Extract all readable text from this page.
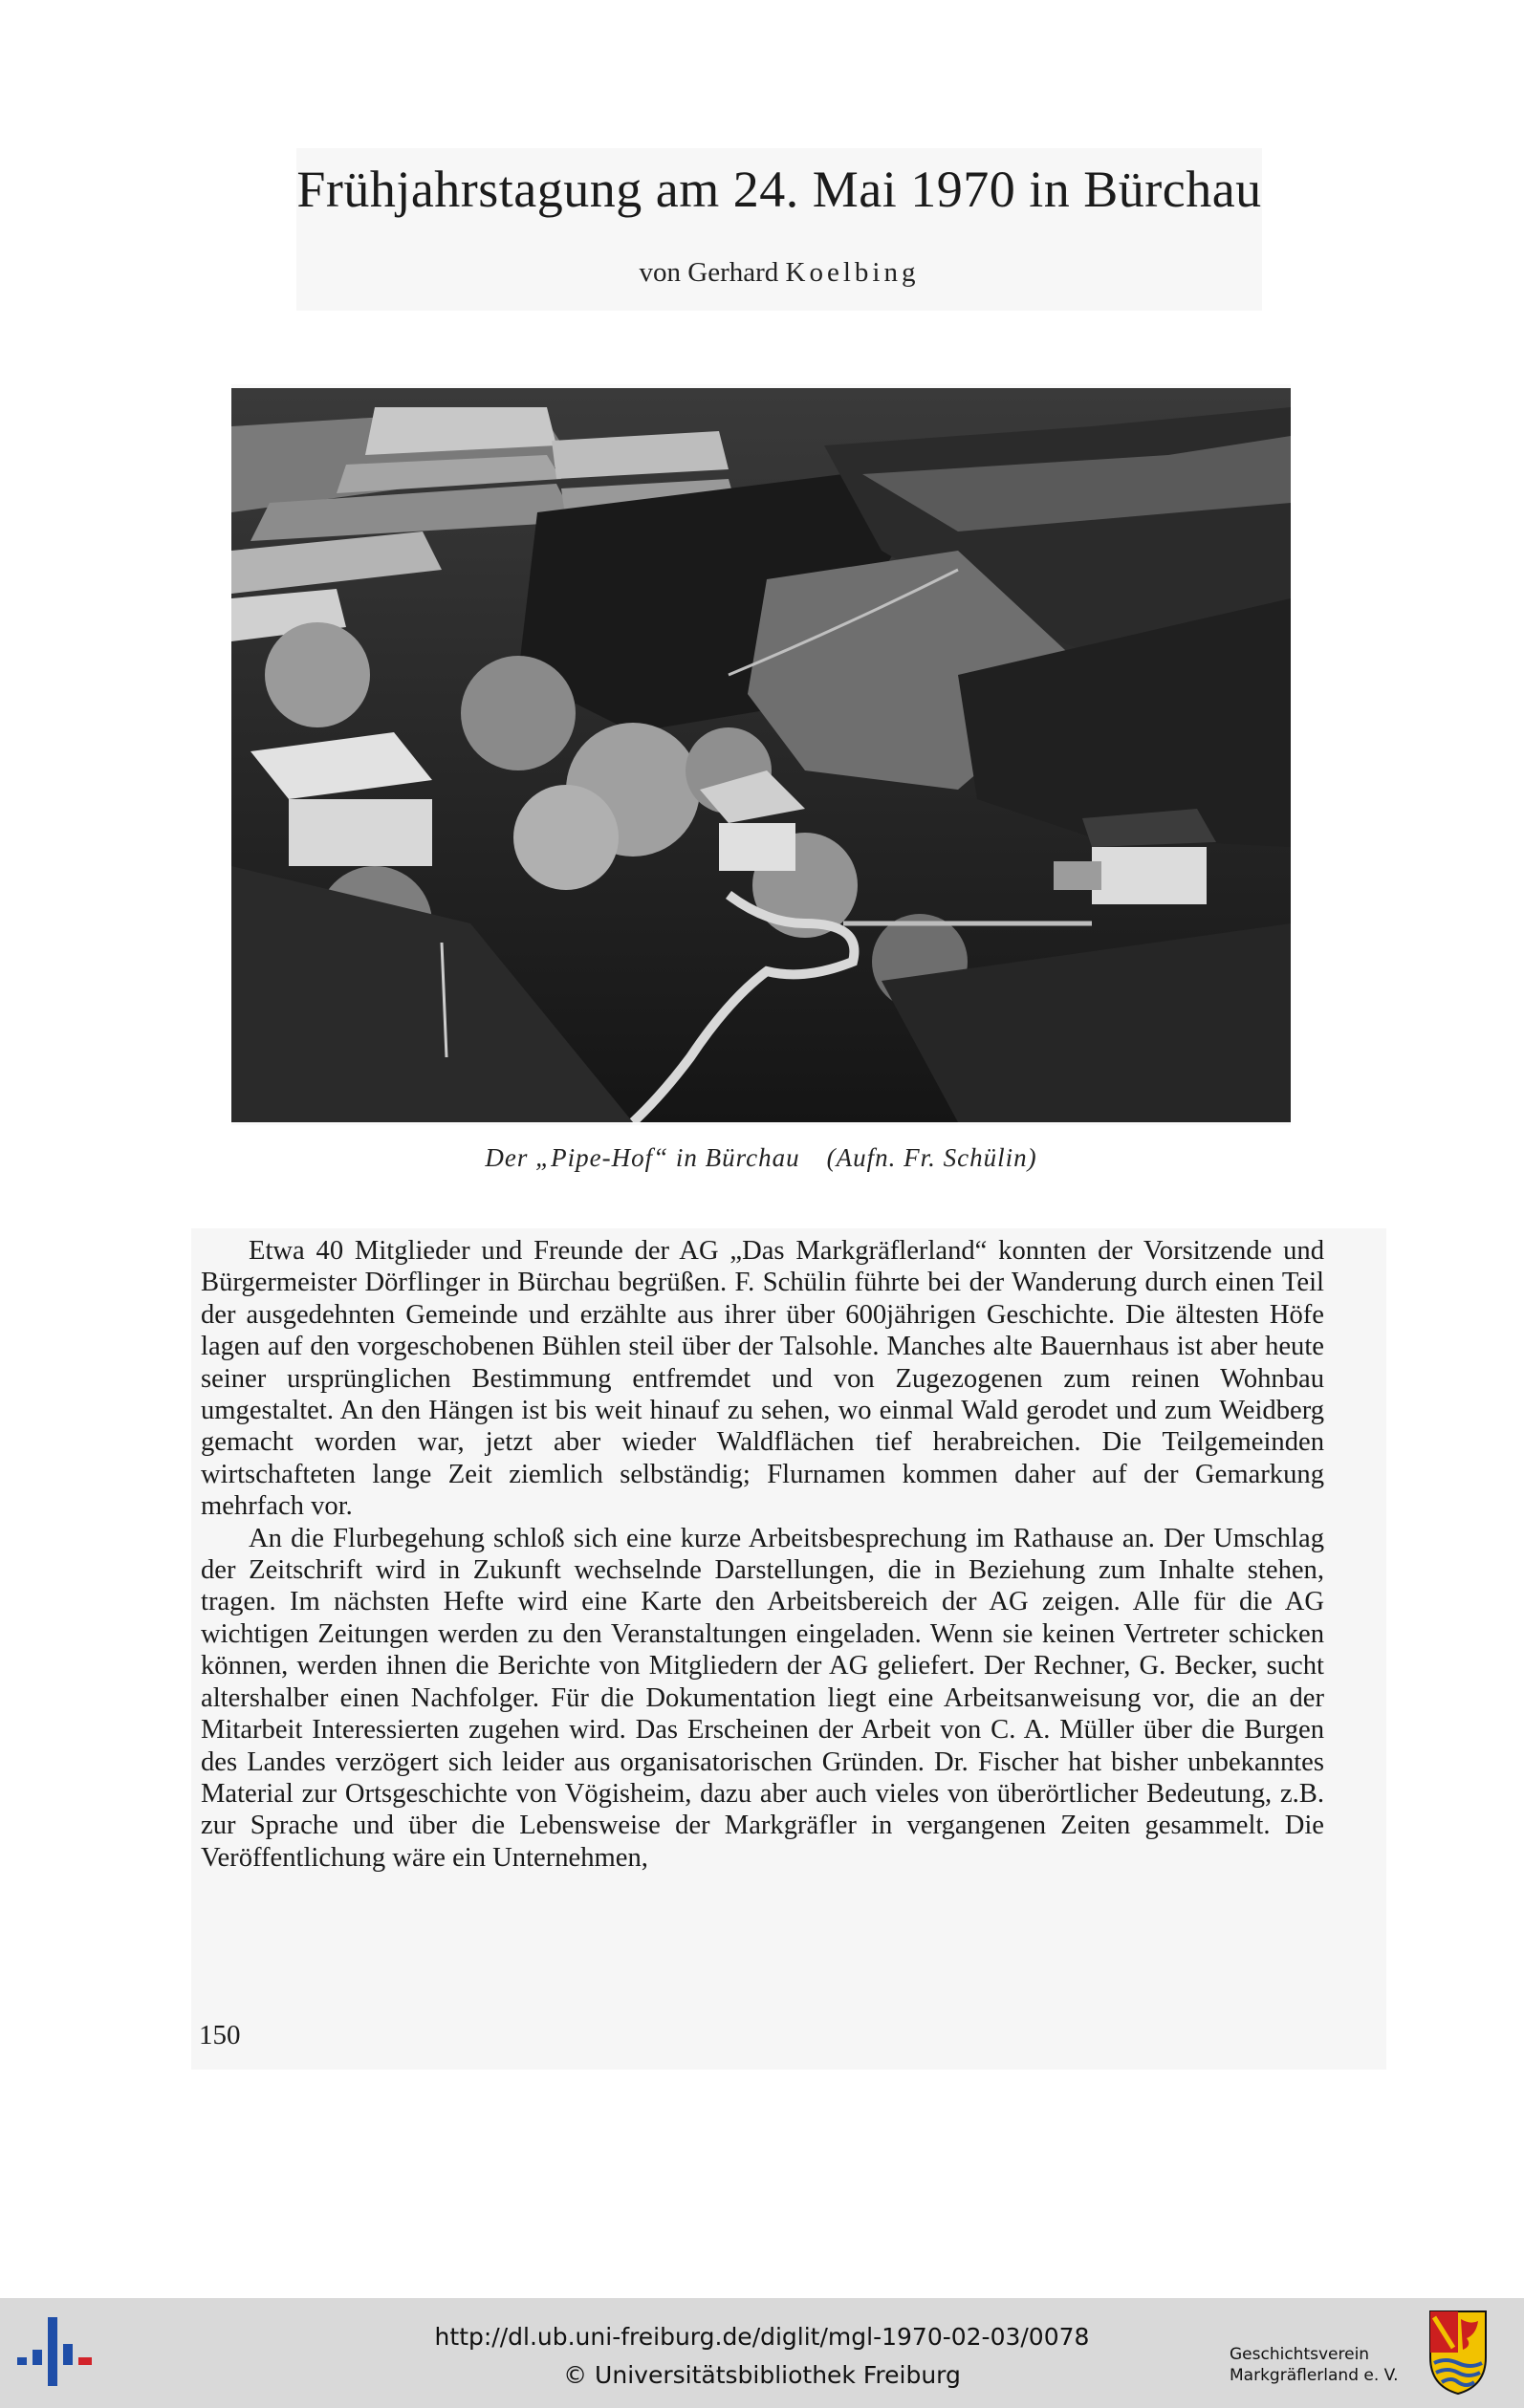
Frühjahrstagung am 24. Mai 1970 in Bürchau
von Gerhard Koelbing
Der „Pipe-Hof“ in Bürchau (Aufn. Fr. Schülin)

Etwa 40 Mitglieder und Freunde der AG „Das Markgräflerland“ konnten der Vorsitzende und Bürgermeister Dörflinger in Bürchau begrüßen. F. Schülin führte bei der Wanderung durch einen Teil der ausgedehnten Gemeinde und erzählte aus ihrer über 600jährigen Geschichte. Die ältesten Höfe lagen auf den vorgeschobenen Bühlen steil über der Talsohle. Manches alte Bauernhaus ist aber heute seiner ursprünglichen Bestimmung entfremdet und von Zugezogenen zum reinen Wohnbau umgestaltet. An den Hängen ist bis weit hinauf zu sehen, wo einmal Wald gerodet und zum Weidberg gemacht worden war, jetzt aber wieder Waldflächen tief herabreichen. Die Teilgemeinden wirtschafteten lange Zeit ziemlich selbständig; Flurnamen kommen daher auf der Gemarkung mehrfach vor.

An die Flurbegehung schloß sich eine kurze Arbeitsbesprechung im Rathause an. Der Umschlag der Zeitschrift wird in Zukunft wechselnde Darstellungen, die in Beziehung zum Inhalte stehen, tragen. Im nächsten Hefte wird eine Karte den Arbeitsbereich der AG zeigen. Alle für die AG wichtigen Zeitungen werden zu den Veranstaltungen eingeladen. Wenn sie keinen Vertreter schicken können, werden ihnen die Berichte von Mitgliedern der AG geliefert. Der Rechner, G. Becker, sucht altershalber einen Nachfolger. Für die Dokumentation liegt eine Arbeitsanweisung vor, die an der Mitarbeit Interessierten zugehen wird. Das Erscheinen der Arbeit von C. A. Müller über die Burgen des Landes verzögert sich leider aus organisatorischen Gründen. Dr. Fischer hat bisher unbekanntes Material zur Ortsgeschichte von Vögisheim, dazu aber auch vieles von überörtlicher Bedeutung, z.B. zur Sprache und über die Lebensweise der Markgräfler in vergangenen Zeiten gesammelt. Die Veröffentlichung wäre ein Unternehmen,

150
http://dl.ub.uni-freiburg.de/diglit/mgl-1970-02-03/0078
© Universitätsbibliothek Freiburg
Geschichtsverein
Markgräflerland e. V.
